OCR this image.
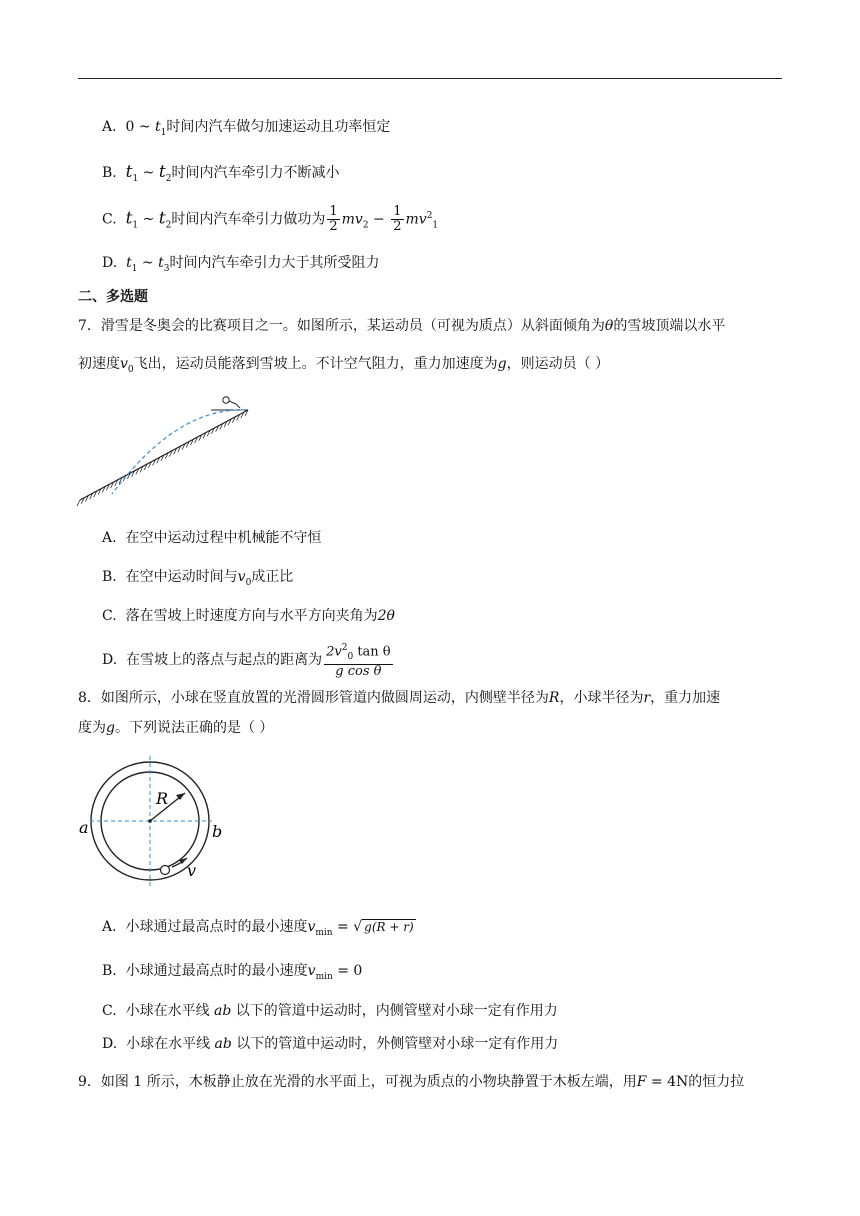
A. 0 ~ $t_1$时间内汽车做匀加速运动且功率恒定
B. $t_1$ ~ $t_2$时间内汽车牵引力不断减小
C. $t_1$ ~ $t_2$时间内汽车牵引力做功为 $\frac{1}{2} mv_2 - \frac{1}{2} mv^2_1$
D. $t_1$ ~ $t_3$时间内汽车牵引力大于其所受阻力
二、多选题
7．滑雪是冬奥会的比赛项目之一。如图所示，某运动员（可视为质点）从斜面倾角为θ的雪坡顶端以水平
初速度$v_0$飞出，运动员能落到雪坡上。不计空气阻力，重力加速度为g，则运动员（ ）
A. 在空中运动过程中机械能不守恒
B. 在空中运动时间与$v_0$成正比
C. 落在雪坡上时速度方向与水平方向夹角为2θ
D. 在雪坡上的落点与起点的距离为 $\frac{2v^2_0 \tan \theta}{\text{g cos θ}}$
8．如图所示，小球在竖直放置的光滑圆形管道内做圆周运动，内侧壁半径为R，小球半径为r，重力加速
度为g。下列说法正确的是（ ）
R
a	b
v
A. 小球通过最高点时的最小速度$v_{min}$ = √ g(R + r)
B. 小球通过最高点时的最小速度$v_{min} = 0$
C. 小球在水平线 ab 以下的管道中运动时，内侧管壁对小球一定有作用力
D. 小球在水平线 ab 以下的管道中运动时，外侧管壁对小球一定有作用力
9．如图 1 所示，木板静止放在光滑的水平面上，可视为质点的小物块静置于木板左端，用F = 4N的恒力拉
